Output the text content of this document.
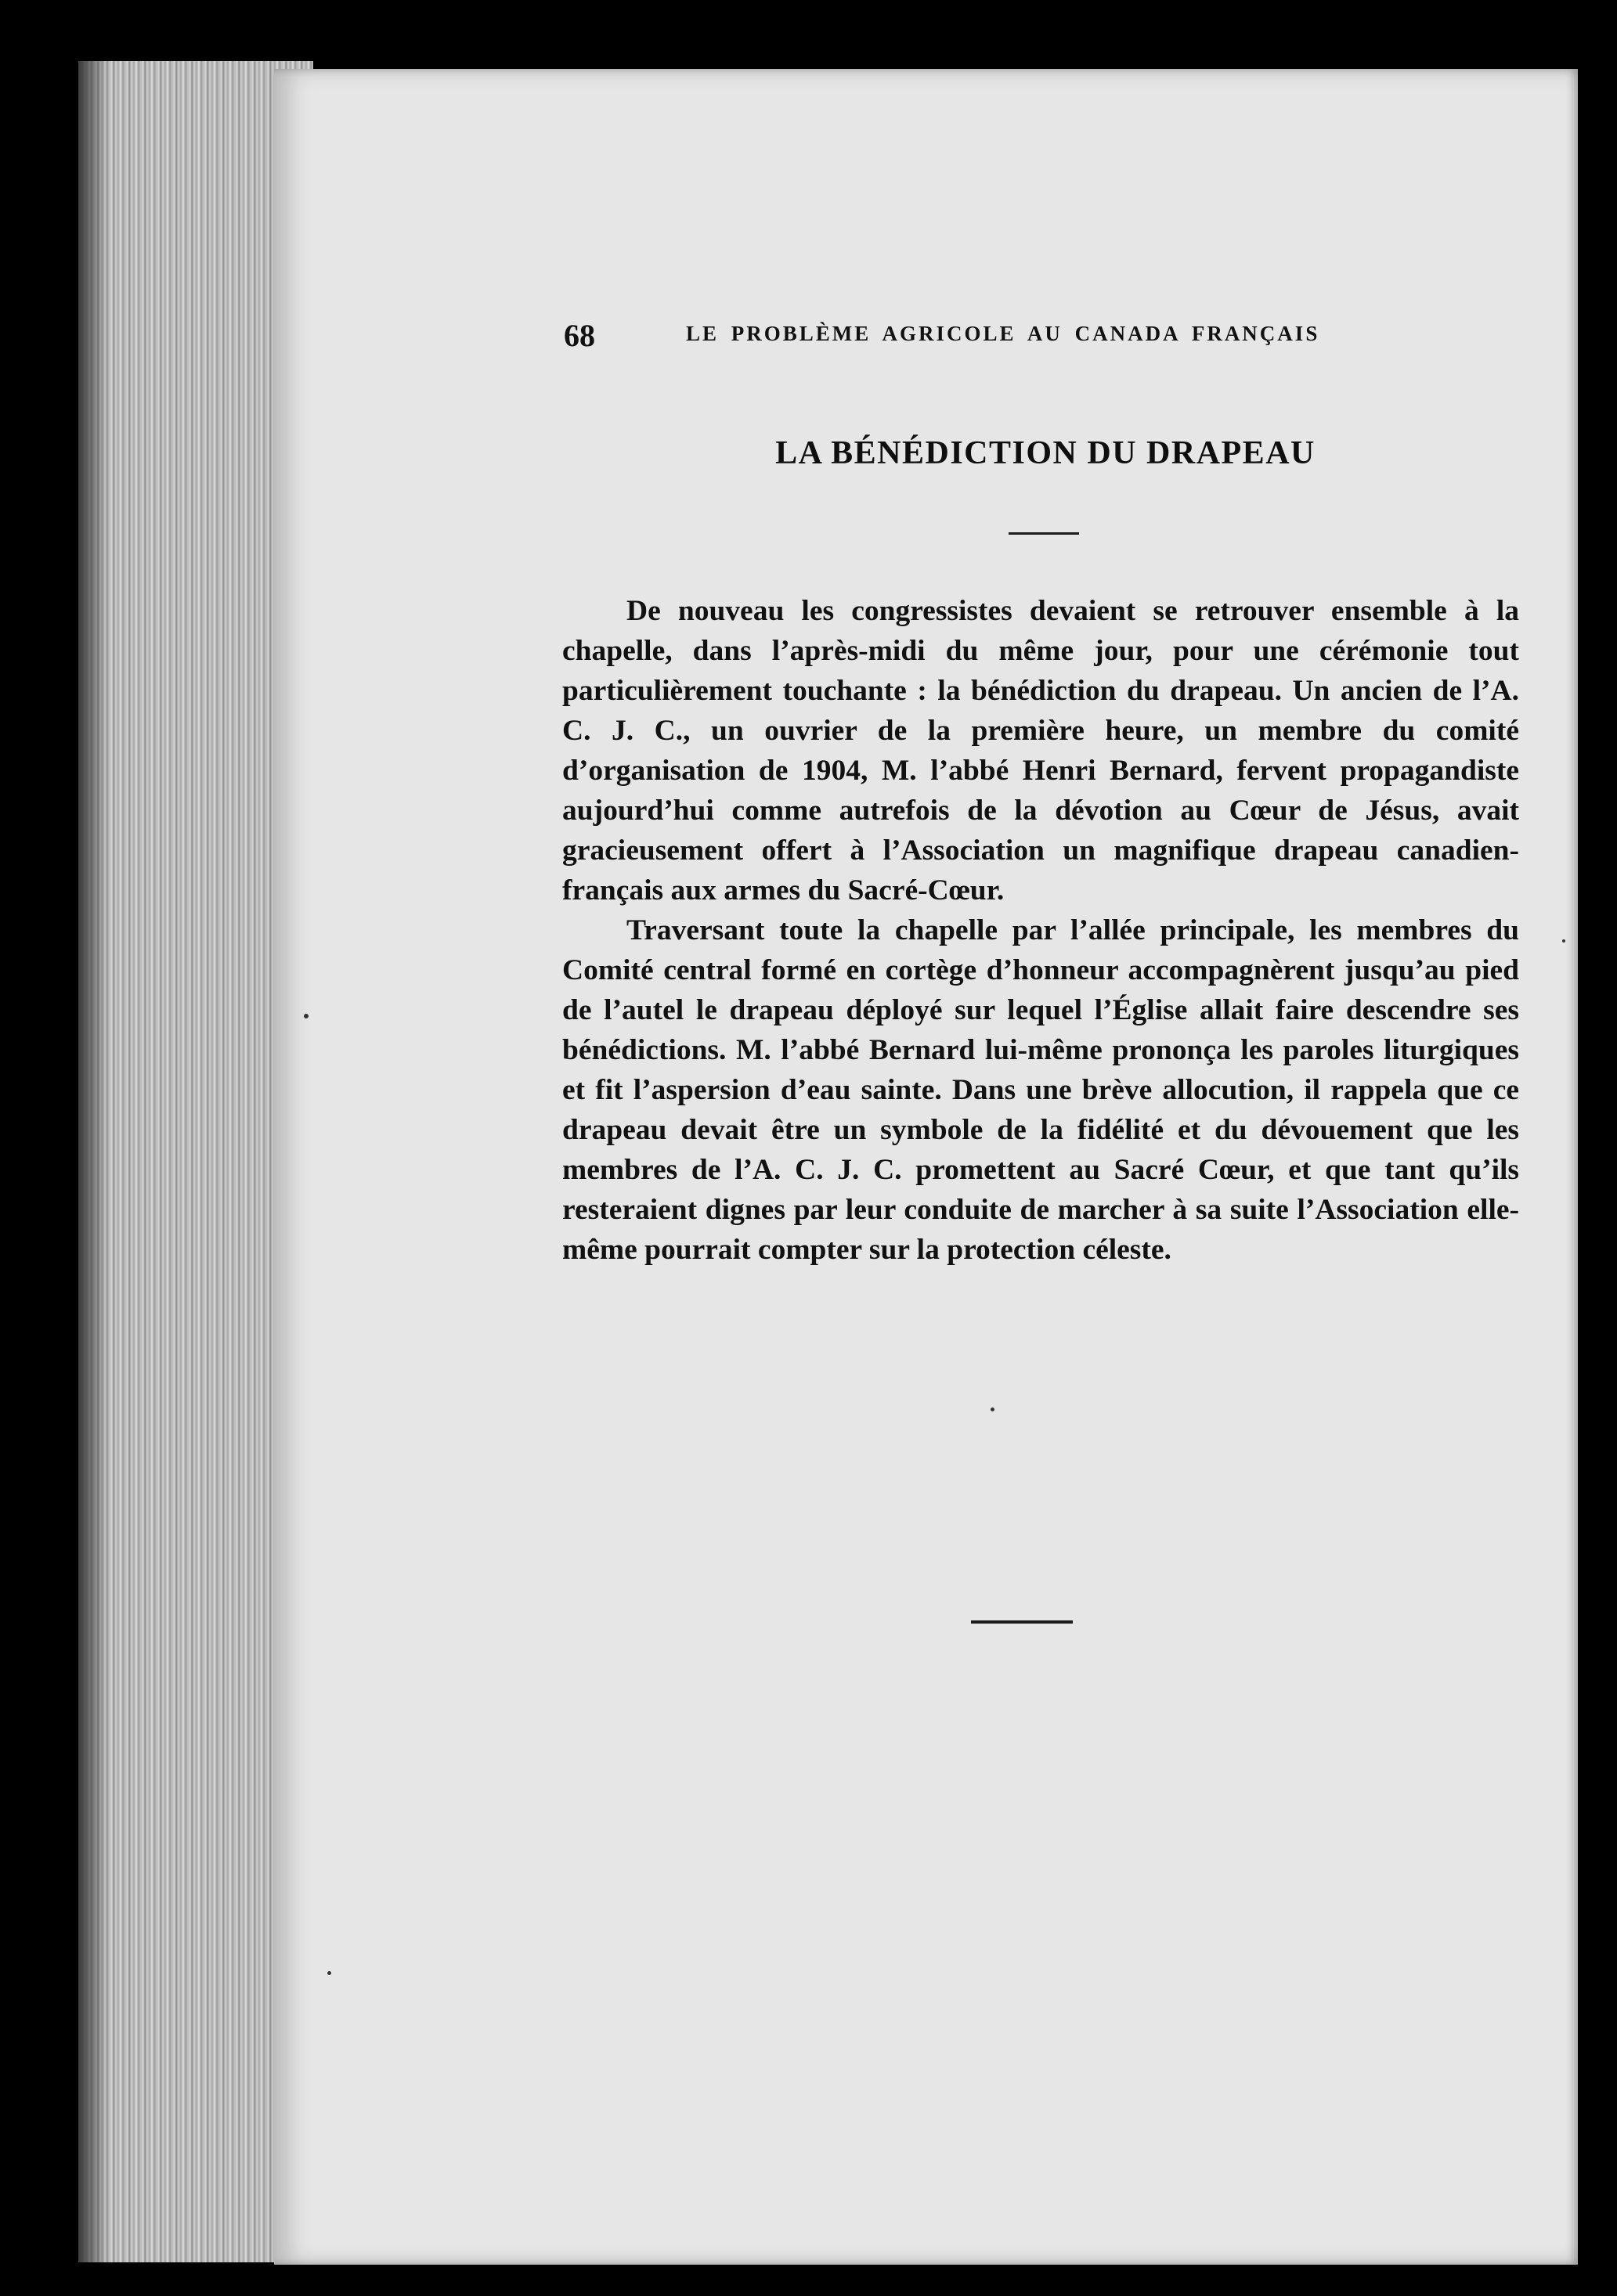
68	LE PROBLÈME AGRICOLE AU CANADA FRANÇAIS
LA BÉNÉDICTION DU DRAPEAU

De nouveau les congressistes devaient se retrouver ensemble à la chapelle, dans l’après-midi du même jour, pour une cérémonie tout particulièrement touchante : la bénédiction du drapeau. Un ancien de l’A. C. J. C., un ouvrier de la première heure, un membre du comité d’organisation de 1904, M. l’abbé Henri Bernard, fervent propagandiste aujourd’hui comme autrefois de la dévotion au Cœur de Jésus, avait gracieusement offert à l’Association un magnifique drapeau canadien-français aux armes du Sacré-Cœur.

Traversant toute la chapelle par l’allée principale, les membres du Comité central formé en cortège d’honneur accompagnèrent jusqu’au pied de l’autel le drapeau déployé sur lequel l’Église allait faire descendre ses bénédictions. M. l’abbé Bernard lui-même prononça les paroles liturgiques et fit l’aspersion d’eau sainte. Dans une brève allocution, il rappela que ce drapeau devait être un symbole de la fidélité et du dévouement que les membres de l’A. C. J. C. promettent au Sacré Cœur, et que tant qu’ils resteraient dignes par leur conduite de marcher à sa suite l’Association elle-même pourrait compter sur la protection céleste.
